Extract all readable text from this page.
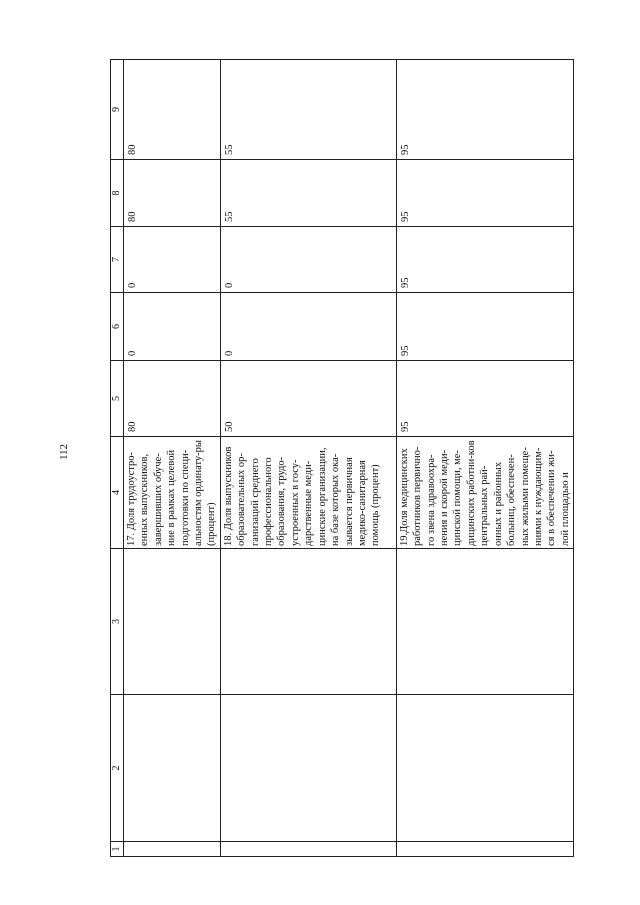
112
1	2	3	4	5	6	7	8	9
			17. Доля трудоустро-енных выпускников, завершивших обуче-ние в рамках целевой подготовки по специ-альностям ординату-ры (процент)	80	0	0	80	80
			18. Доля выпускников образовательных ор-ганизаций среднего профессионального образования, трудо-устроенных в госу-дарственные меди-цинские организации, на базе которых ока-зывается первичная медико-санитарная помощь (процент)	50	0	0	55	55
			19.Доля медицинских работников первично-го звена здравоохра-нения и скорой меди-цинской помощи, ме-дицинских работни-ков центральных рай-онных и районных больниц, обеспечен-ных жилыми помеще-ниями к нуждающим-ся в обеспечении жи-лой площадью и	95	95	95	95	95
